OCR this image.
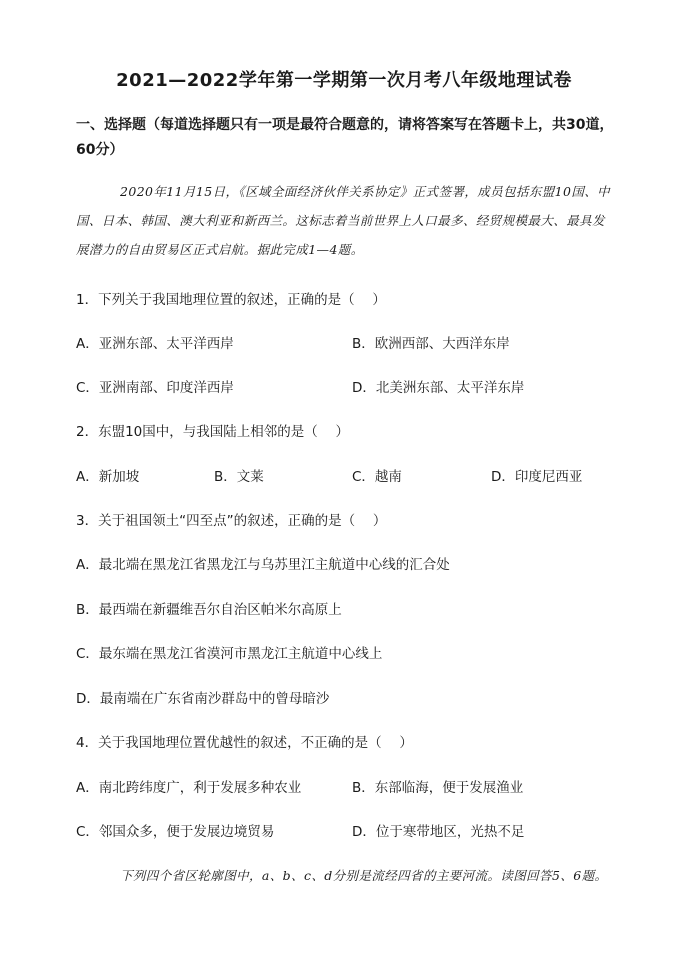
2021—2022学年第一学期第一次月考八年级地理试卷
一、选择题（每道选择题只有一项是最符合题意的，请将答案写在答题卡上，共30道，60分）
2020年11月15日，《区域全面经济伙伴关系协定》正式签署，成员包括东盟10国、中国、日本、韩国、澳大利亚和新西兰。这标志着当前世界上人口最多、经贸规模最大、最具发展潜力的自由贸易区正式启航。据此完成1—4题。
1．下列关于我国地理位置的叙述，正确的是（　 ）
A．亚洲东部、太平洋西岸	B．欧洲西部、大西洋东岸
C．亚洲南部、印度洋西岸	D．北美洲东部、太平洋东岸
2．东盟10国中，与我国陆上相邻的是（　 ）
A．新加坡	B．文莱	C．越南	D．印度尼西亚
3．关于祖国领土“四至点”的叙述，正确的是（　 ）
A．最北端在黑龙江省黑龙江与乌苏里江主航道中心线的汇合处
B．最西端在新疆维吾尔自治区帕米尔高原上
C．最东端在黑龙江省漠河市黑龙江主航道中心线上
D．最南端在广东省南沙群岛中的曾母暗沙
4．关于我国地理位置优越性的叙述，不正确的是（　 ）
A．南北跨纬度广，利于发展多种农业	B．东部临海，便于发展渔业
C．邻国众多，便于发展边境贸易	D．位于寒带地区，光热不足
下列四个省区轮廓图中，a、b、c、d分别是流经四省的主要河流。读图回答5、6题。
